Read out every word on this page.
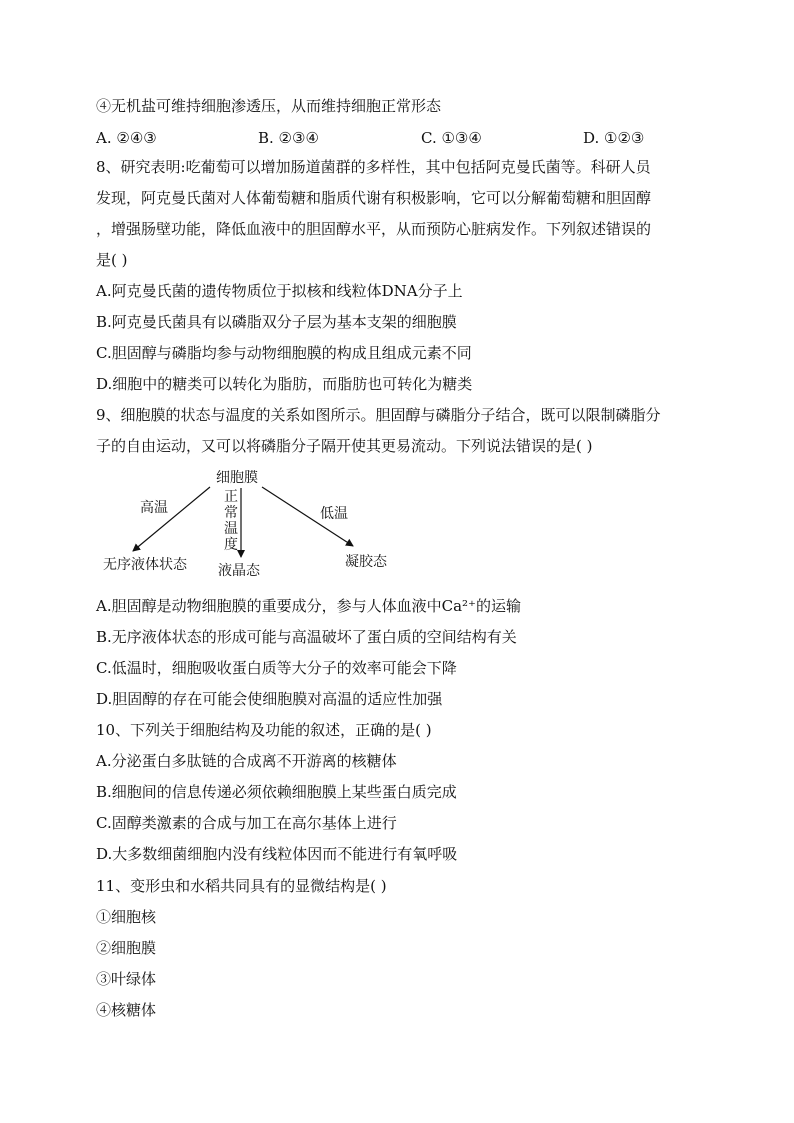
④无机盐可维持细胞渗透压，从而维持细胞正常形态
A. ②④③	B. ②③④	C. ①③④	D. ①②③
8、研究表明:吃葡萄可以增加肠道菌群的多样性，其中包括阿克曼氏菌等。科研人员
发现，阿克曼氏菌对人体葡萄糖和脂质代谢有积极影响，它可以分解葡萄糖和胆固醇
，增强肠壁功能，降低血液中的胆固醇水平，从而预防心脏病发作。下列叙述错误的
是( )
A.阿克曼氏菌的遗传物质位于拟核和线粒体DNA分子上
B.阿克曼氏菌具有以磷脂双分子层为基本支架的细胞膜
C.胆固醇与磷脂均参与动物细胞膜的构成且组成元素不同
D.细胞中的糖类可以转化为脂肪，而脂肪也可转化为糖类
9、细胞膜的状态与温度的关系如图所示。胆固醇与磷脂分子结合，既可以限制磷脂分
子的自由运动，又可以将磷脂分子隔开使其更易流动。下列说法错误的是( )
细胞膜
高温
正
常
温
度
低温
无序液体状态 液晶态
凝胶态
A.胆固醇是动物细胞膜的重要成分，参与人体血液中Ca²⁺的运输
B.无序液体状态的形成可能与高温破坏了蛋白质的空间结构有关
C.低温时，细胞吸收蛋白质等大分子的效率可能会下降
D.胆固醇的存在可能会使细胞膜对高温的适应性加强
10、下列关于细胞结构及功能的叙述，正确的是( )
A.分泌蛋白多肽链的合成离不开游离的核糖体
B.细胞间的信息传递必须依赖细胞膜上某些蛋白质完成
C.固醇类激素的合成与加工在高尔基体上进行
D.大多数细菌细胞内没有线粒体因而不能进行有氧呼吸
11、变形虫和水稻共同具有的显微结构是( )
①细胞核
②细胞膜
③叶绿体
④核糖体
